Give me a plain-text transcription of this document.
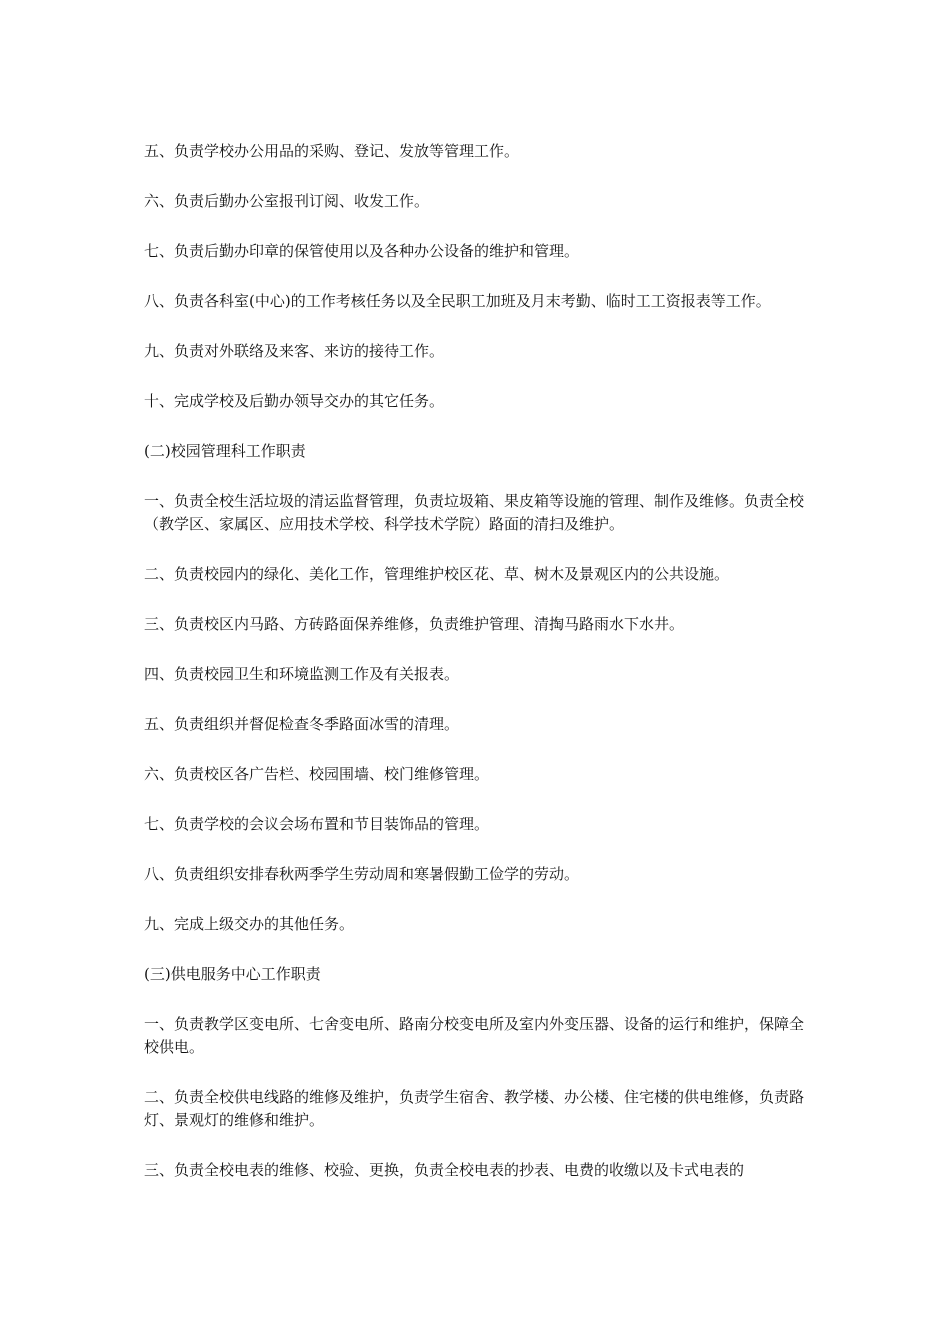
五、负责学校办公用品的采购、登记、发放等管理工作。

六、负责后勤办公室报刊订阅、收发工作。

七、负责后勤办印章的保管使用以及各种办公设备的维护和管理。

八、负责各科室(中心)的工作考核任务以及全民职工加班及月末考勤、临时工工资报表等工作。

九、负责对外联络及来客、来访的接待工作。

十、完成学校及后勤办领导交办的其它任务。

(二)校园管理科工作职责

一、负责全校生活垃圾的清运监督管理，负责垃圾箱、果皮箱等设施的管理、制作及维修。负责全校（教学区、家属区、应用技术学校、科学技术学院）路面的清扫及维护。

二、负责校园内的绿化、美化工作，管理维护校区花、草、树木及景观区内的公共设施。

三、负责校区内马路、方砖路面保养维修，负责维护管理、清掏马路雨水下水井。

四、负责校园卫生和环境监测工作及有关报表。

五、负责组织并督促检查冬季路面冰雪的清理。

六、负责校区各广告栏、校园围墙、校门维修管理。

七、负责学校的会议会场布置和节目装饰品的管理。

八、负责组织安排春秋两季学生劳动周和寒暑假勤工俭学的劳动。

九、完成上级交办的其他任务。

(三)供电服务中心工作职责

一、负责教学区变电所、七舍变电所、路南分校变电所及室内外变压器、设备的运行和维护，保障全校供电。

二、负责全校供电线路的维修及维护，负责学生宿舍、教学楼、办公楼、住宅楼的供电维修，负责路灯、景观灯的维修和维护。

三、负责全校电表的维修、校验、更换，负责全校电表的抄表、电费的收缴以及卡式电表的
